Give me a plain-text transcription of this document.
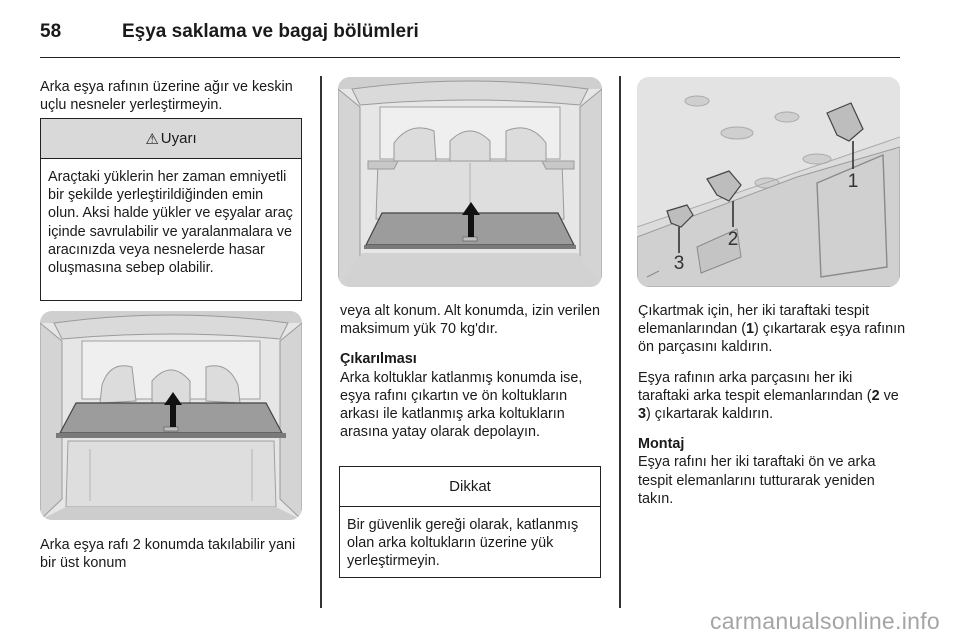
58	Eşya saklama ve bagaj bölümleri

Arka eşya rafının üzerine ağır ve keskin uçlu nesneler yerleştirmeyin.

⚠ Uyarı
Araçtaki yüklerin her zaman emniyetli bir şekilde yerleştirildiğinden emin olun. Aksi halde yükler ve eşyalar araç içinde savrulabilir ve yaralanmalara ve aracınızda veya nesnelerde hasar oluşmasına sebep olabilir.

Arka eşya rafı 2 konumda takılabilir yani bir üst konum

veya alt konum. Alt konumda, izin verilen maksimum yük 70 kg'dır.

Çıkarılması

Arka koltuklar katlanmış konumda ise, eşya rafını çıkartın ve ön koltukların arkası ile katlanmış arka koltukların arasına yatay olarak depolayın.

Dikkat
Bir güvenlik gereği olarak, katlanmış olan arka koltukların üzerine yük yerleştirmeyin.
1
2
3

Çıkartmak için, her iki taraftaki tespit elemanlarından (1) çıkartarak eşya rafının ön parçasını kaldırın.

Eşya rafının arka parçasını her iki taraftaki arka tespit elemanlarından (2 ve 3) çıkartarak kaldırın.

Montaj

Eşya rafını her iki taraftaki ön ve arka tespit elemanlarını tutturarak yeniden takın.

carmanualsonline.info
